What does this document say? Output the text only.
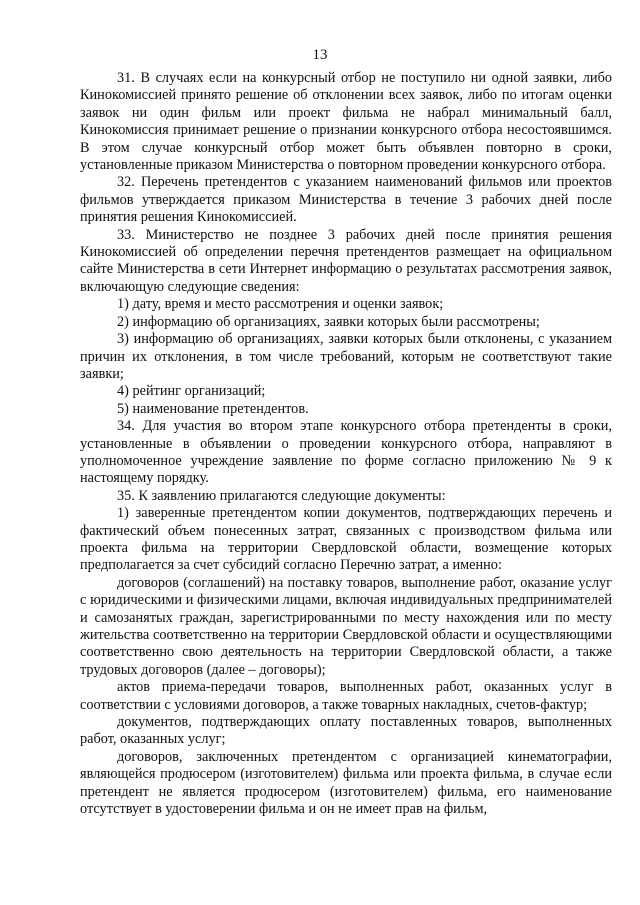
13

31. В случаях если на конкурсный отбор не поступило ни одной заявки, либо Кинокомиссией принято решение об отклонении всех заявок, либо по итогам оценки заявок ни один фильм или проект фильма не набрал минимальный балл, Кинокомиссия принимает решение о признании конкурсного отбора несостоявшимся. В этом случае конкурсный отбор может быть объявлен повторно в сроки, установленные приказом Министерства о повторном проведении конкурсного отбора.

32. Перечень претендентов с указанием наименований фильмов или проектов фильмов утверждается приказом Министерства в течение 3 рабочих дней после принятия решения Кинокомиссией.

33. Министерство не позднее 3 рабочих дней после принятия решения Кинокомиссией об определении перечня претендентов размещает на официальном сайте Министерства в сети Интернет информацию о результатах рассмотрения заявок, включающую следующие сведения:

1) дату, время и место рассмотрения и оценки заявок;

2) информацию об организациях, заявки которых были рассмотрены;

3) информацию об организациях, заявки которых были отклонены, с указанием причин их отклонения, в том числе требований, которым не соответствуют такие заявки;

4) рейтинг организаций;

5) наименование претендентов.

34. Для участия во втором этапе конкурсного отбора претенденты в сроки, установленные в объявлении о проведении конкурсного отбора, направляют в уполномоченное учреждение заявление по форме согласно приложению № 9 к настоящему порядку.

35. К заявлению прилагаются следующие документы:

1) заверенные претендентом копии документов, подтверждающих перечень и фактический объем понесенных затрат, связанных с производством фильма или проекта фильма на территории Свердловской области, возмещение которых предполагается за счет субсидий согласно Перечню затрат, а именно:

договоров (соглашений) на поставку товаров, выполнение работ, оказание услуг с юридическими и физическими лицами, включая индивидуальных предпринимателей и самозанятых граждан, зарегистрированными по месту нахождения или по месту жительства соответственно на территории Свердловской области и осуществляющими соответственно свою деятельность на территории Свердловской области, а также трудовых договоров (далее – договоры);

актов приема-передачи товаров, выполненных работ, оказанных услуг в соответствии с условиями договоров, а также товарных накладных, счетов-фактур;

документов, подтверждающих оплату поставленных товаров, выполненных работ, оказанных услуг;

договоров, заключенных претендентом с организацией кинематографии, являющейся продюсером (изготовителем) фильма или проекта фильма, в случае если претендент не является продюсером (изготовителем) фильма, его наименование отсутствует в удостоверении фильма и он не имеет прав на фильм,
